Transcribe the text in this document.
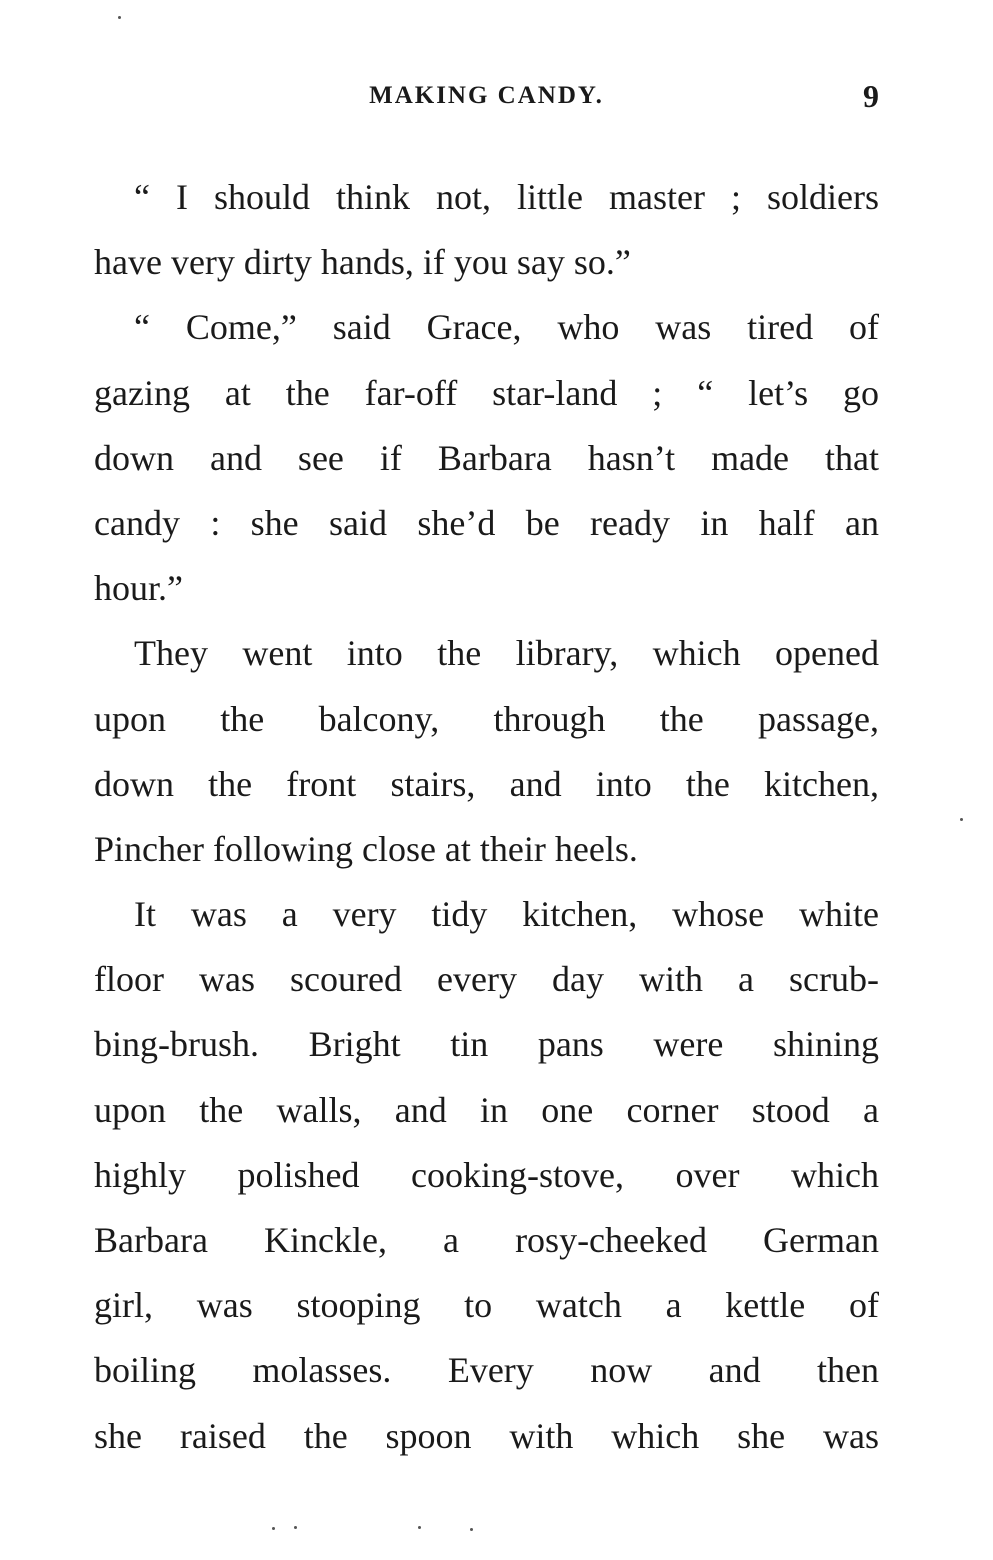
MAKING CANDY.	9

“ I should think not, little master ; soldiers
have very dirty hands, if you say so.”

“ Come,” said Grace, who was tired of
gazing at the far-off star-land ; “ let’s go
down and see if Barbara hasn’t made that
candy : she said she’d be ready in half an
hour.”

They went into the library, which opened
upon the balcony, through the passage,
down the front stairs, and into the kitchen,
Pincher following close at their heels.

It was a very tidy kitchen, whose white
floor was scoured every day with a scrub-
bing-brush. Bright tin pans were shining
upon the walls, and in one corner stood a
highly polished cooking-stove, over which
Barbara Kinckle, a rosy-cheeked German
girl, was stooping to watch a kettle of
boiling molasses. Every now and then
she raised the spoon with which she was
